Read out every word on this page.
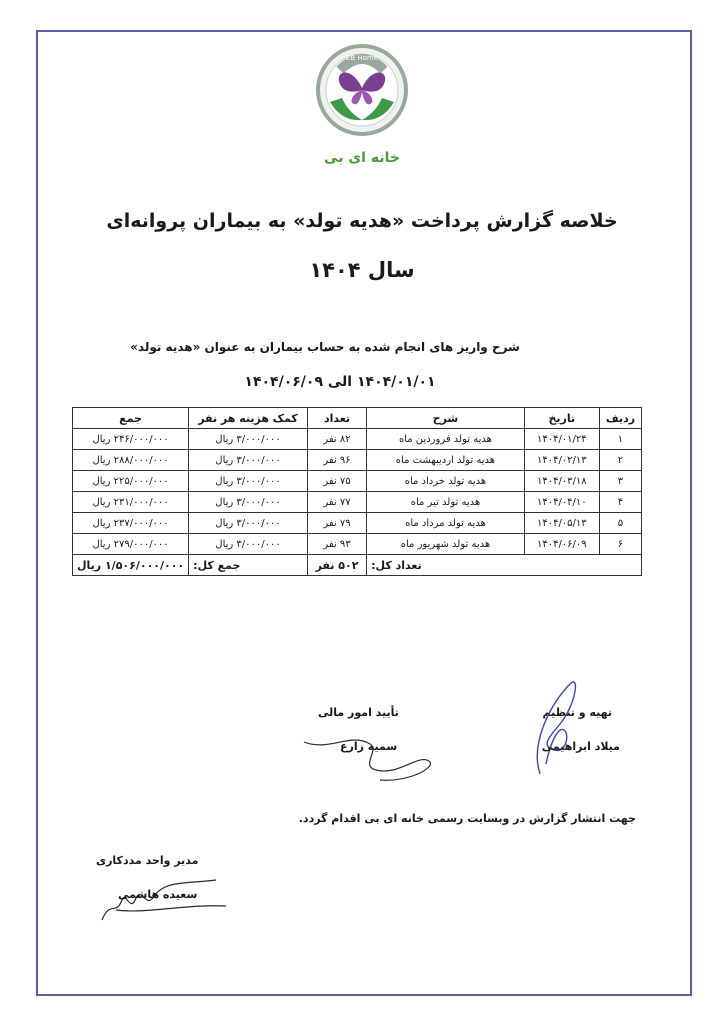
EB Home
خانه ای بی
خلاصه گزارش پرداخت «هدیه تولد» به بیماران پروانه‌ای
سال ۱۴۰۴
شرح واریز های انجام شده به حساب بیماران به عنوان «هدیه تولد»
۱۴۰۴/۰۱/۰۱ الی ۱۴۰۴/۰۶/۰۹
ردیف	تاریخ	شرح	تعداد	کمک هزینه هر نفر	جمع
۱	۱۴۰۴/۰۱/۲۴	هدیه تولد فروردین ماه	۸۲ نفر	۳/۰۰۰/۰۰۰ ریال	۲۴۶/۰۰۰/۰۰۰ ریال
۲	۱۴۰۴/۰۲/۱۳	هدیه تولد اردیبهشت ماه	۹۶ نفر	۳/۰۰۰/۰۰۰ ریال	۲۸۸/۰۰۰/۰۰۰ ریال
۳	۱۴۰۴/۰۳/۱۸	هدیه تولد خرداد ماه	۷۵ نفر	۳/۰۰۰/۰۰۰ ریال	۲۲۵/۰۰۰/۰۰۰ ریال
۴	۱۴۰۴/۰۴/۱۰	هدیه تولد تیر ماه	۷۷ نفر	۳/۰۰۰/۰۰۰ ریال	۲۳۱/۰۰۰/۰۰۰ ریال
۵	۱۴۰۴/۰۵/۱۳	هدیه تولد مرداد ماه	۷۹ نفر	۳/۰۰۰/۰۰۰ ریال	۲۳۷/۰۰۰/۰۰۰ ریال
۶	۱۴۰۴/۰۶/۰۹	هدیه تولد شهریور ماه	۹۳ نفر	۳/۰۰۰/۰۰۰ ریال	۲۷۹/۰۰۰/۰۰۰ ریال
تعداد کل:			۵۰۲ نفر	جمع کل:	۱/۵۰۶/۰۰۰/۰۰۰ ریال
تهیه و تنظیم
میلاد ابراهیمی
تأیید امور مالی
سمیه زارع
جهت انتشار گزارش در وبسایت رسمی خانه ای بی اقدام گردد.
مدیر واحد مددکاری
سعیده هاشمی
